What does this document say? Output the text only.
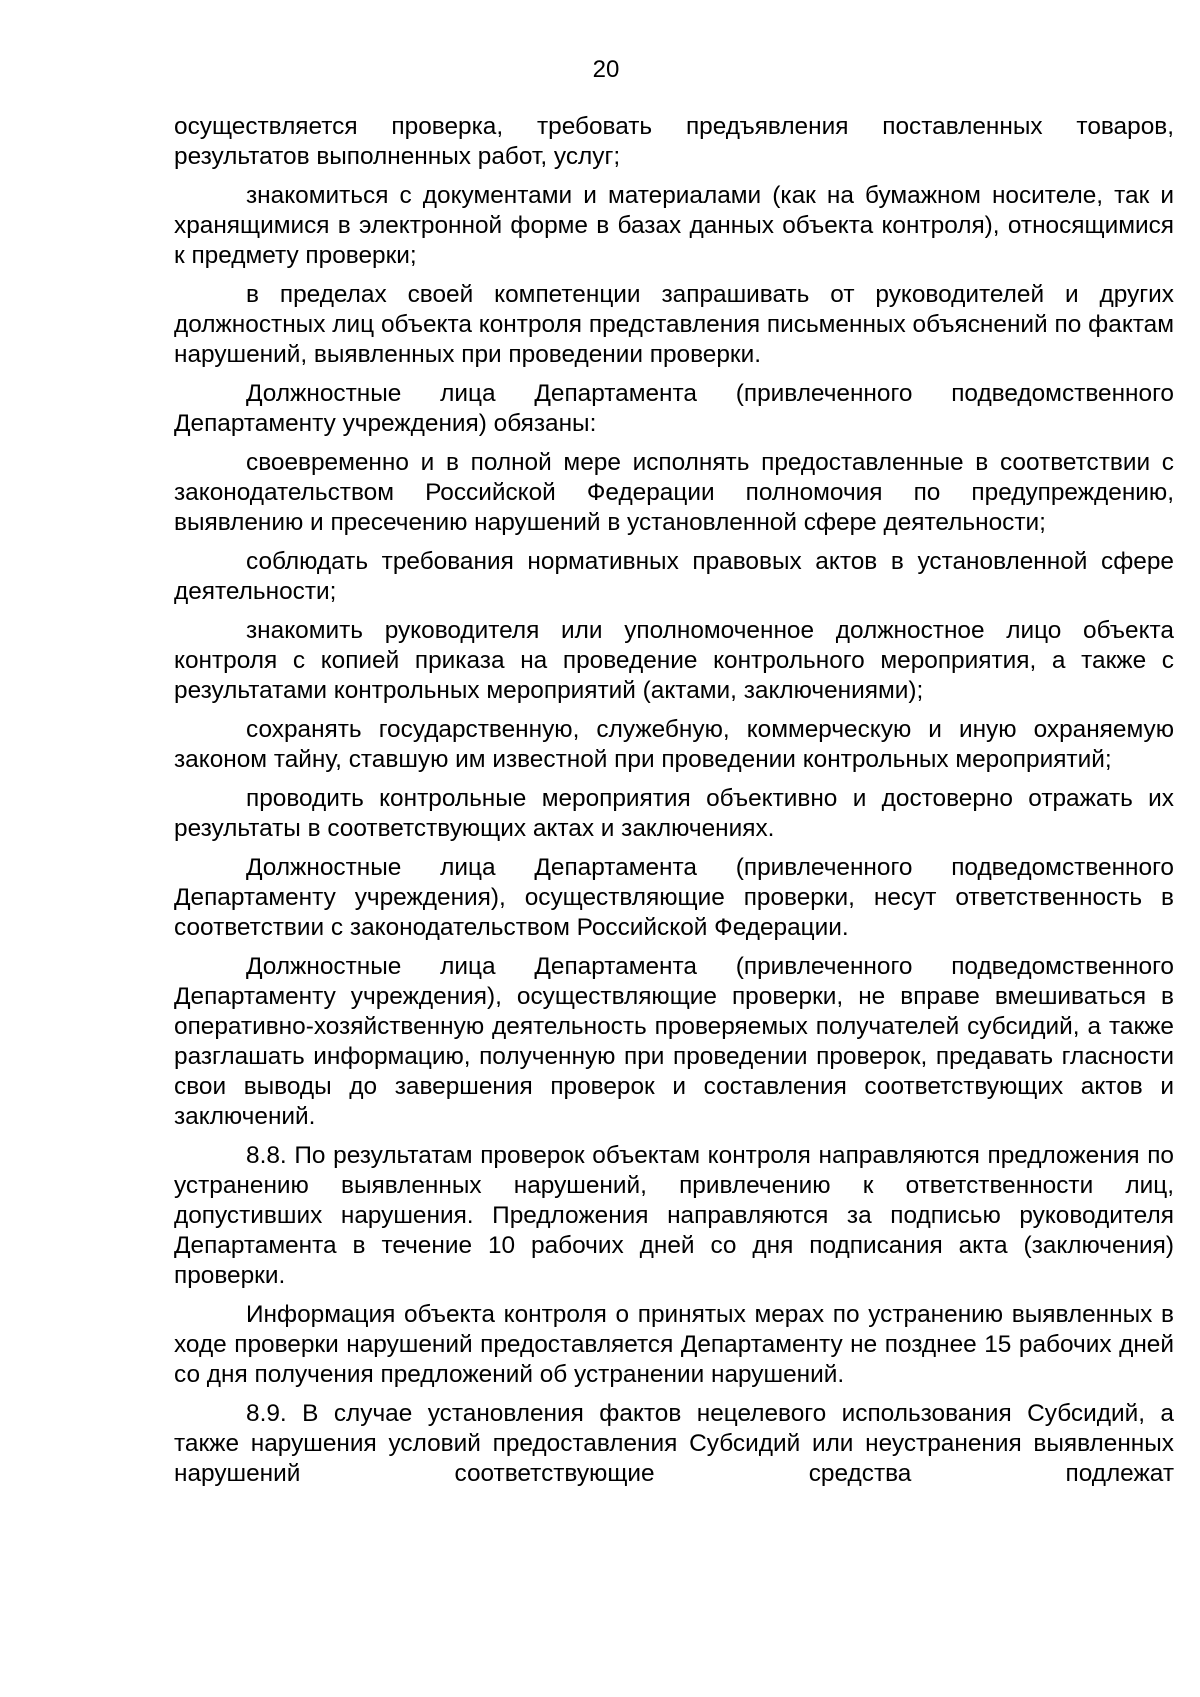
20

осуществляется проверка, требовать предъявления поставленных товаров, результатов выполненных работ, услуг;

знакомиться с документами и материалами (как на бумажном носителе, так и хранящимися в электронной форме в базах данных объекта контроля), относящимися к предмету проверки;

в пределах своей компетенции запрашивать от руководителей и других должностных лиц объекта контроля представления письменных объяснений по фактам нарушений, выявленных при проведении проверки.

Должностные лица Департамента (привлеченного подведомственного Департаменту учреждения) обязаны:

своевременно и в полной мере исполнять предоставленные в соответствии с законодательством Российской Федерации полномочия по предупреждению, выявлению и пресечению нарушений в установленной сфере деятельности;

соблюдать требования нормативных правовых актов в установленной сфере деятельности;

знакомить руководителя или уполномоченное должностное лицо объекта контроля с копией приказа на проведение контрольного мероприятия, а также с результатами контрольных мероприятий (актами, заключениями);

сохранять государственную, служебную, коммерческую и иную охраняемую законом тайну, ставшую им известной при проведении контрольных мероприятий;

проводить контрольные мероприятия объективно и достоверно отражать их результаты в соответствующих актах и заключениях.

Должностные лица Департамента (привлеченного подведомственного Департаменту учреждения), осуществляющие проверки, несут ответственность в соответствии с законодательством Российской Федерации.

Должностные лица Департамента (привлеченного подведомственного Департаменту учреждения), осуществляющие проверки, не вправе вмешиваться в оперативно-хозяйственную деятельность проверяемых получателей субсидий, а также разглашать информацию, полученную при проведении проверок, предавать гласности свои выводы до завершения проверок и составления соответствующих актов и заключений.

8.8. По результатам проверок объектам контроля направляются предложения по устранению выявленных нарушений, привлечению к ответственности лиц, допустивших нарушения. Предложения направляются за подписью руководителя Департамента в течение 10 рабочих дней со дня подписания акта (заключения) проверки.

Информация объекта контроля о принятых мерах по устранению выявленных в ходе проверки нарушений предоставляется Департаменту не позднее 15 рабочих дней со дня получения предложений об устранении нарушений.

8.9. В случае установления фактов нецелевого использования Субсидий, а также нарушения условий предоставления Субсидий или неустранения выявленных нарушений соответствующие средства подлежат
